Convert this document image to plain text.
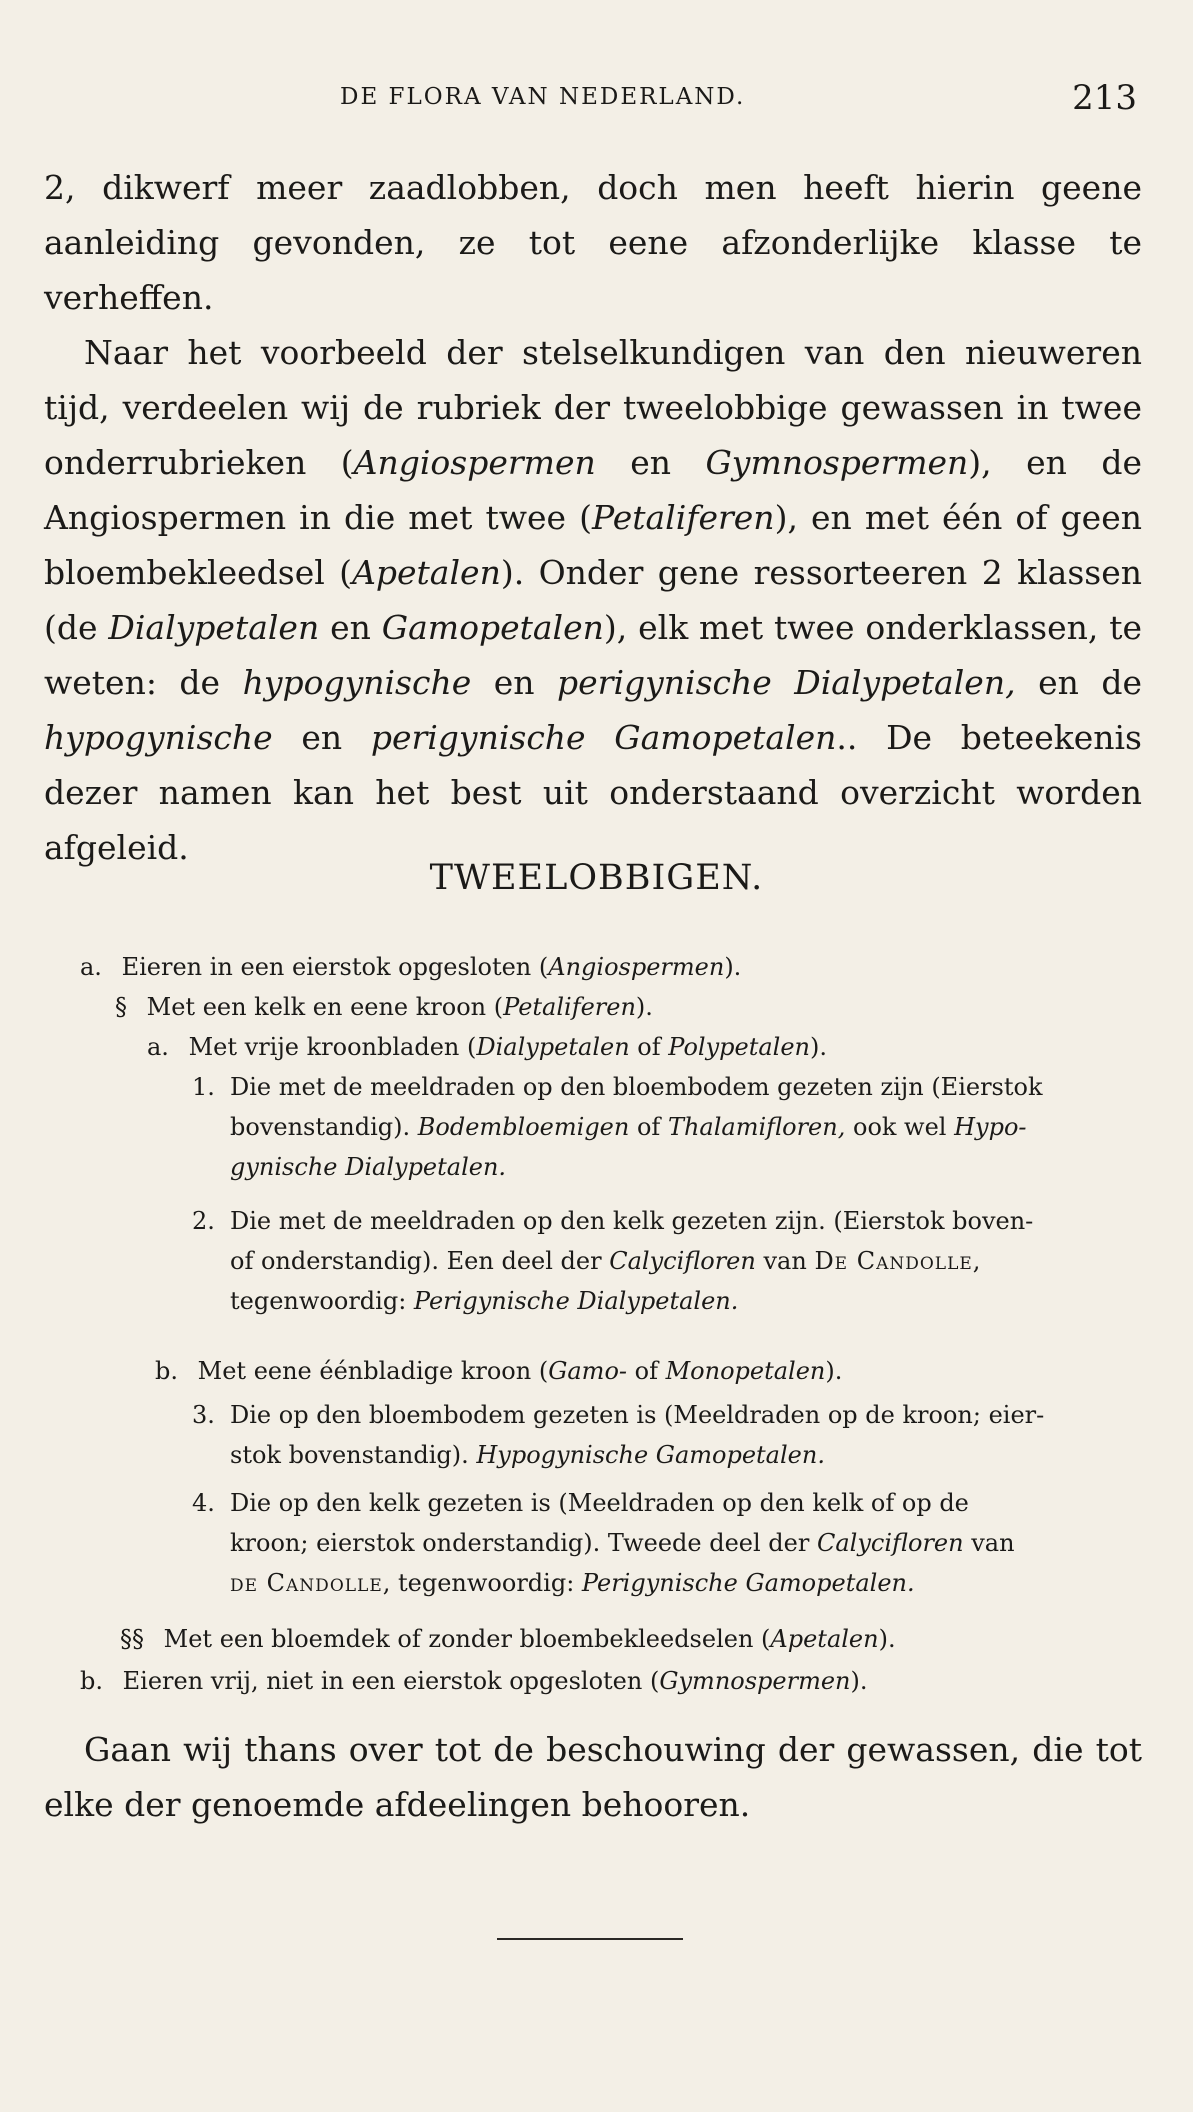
DE FLORA VAN NEDERLAND.	213

2, dikwerf meer zaadlobben, doch men heeft hierin geene aanleiding gevonden, ze tot eene afzonderlijke klasse te verheffen.

Naar het voorbeeld der stelselkundigen van den nieuweren tijd, verdeelen wij de rubriek der tweelobbige gewassen in twee onderrubrieken (Angiospermen en Gymnospermen), en de Angiospermen in die met twee (Petaliferen), en met één of geen bloembekleedsel (Apetalen). Onder gene ressorteeren 2 klassen (de Dialypetalen en Gamopetalen), elk met twee onderklassen, te weten: de hypogynische en perigynische Dialypetalen, en de hypogynische en perigynische Gamopetalen.. De beteekenis dezer namen kan het best uit onderstaand overzicht worden afgeleid.

TWEELOBBIGEN.
a. Eieren in een eierstok opgesloten (Angiospermen).
§ Met een kelk en eene kroon (Petaliferen).
a. Met vrije kroonbladen (Dialypetalen of Polypetalen).
1. Die met de meeldraden op den bloembodem gezeten zijn (Eierstok
bovenstandig). Bodembloemigen of Thalamifloren, ook wel Hypo-
gynische Dialypetalen.
2. Die met de meeldraden op den kelk gezeten zijn. (Eierstok boven-
of onderstandig). Een deel der Calycifloren van De Candolle,
tegenwoordig: Perigynische Dialypetalen.
b. Met eene éénbladige kroon (Gamo- of Monopetalen).
3. Die op den bloembodem gezeten is (Meeldraden op de kroon; eier-
stok bovenstandig). Hypogynische Gamopetalen.
4. Die op den kelk gezeten is (Meeldraden op den kelk of op de
kroon; eierstok onderstandig). Tweede deel der Calycifloren van
de Candolle, tegenwoordig: Perigynische Gamopetalen.
§§ Met een bloemdek of zonder bloembekleedselen (Apetalen).
b. Eieren vrij, niet in een eierstok opgesloten (Gymnospermen).

Gaan wij thans over tot de beschouwing der gewassen, die tot elke der genoemde afdeelingen behooren.
